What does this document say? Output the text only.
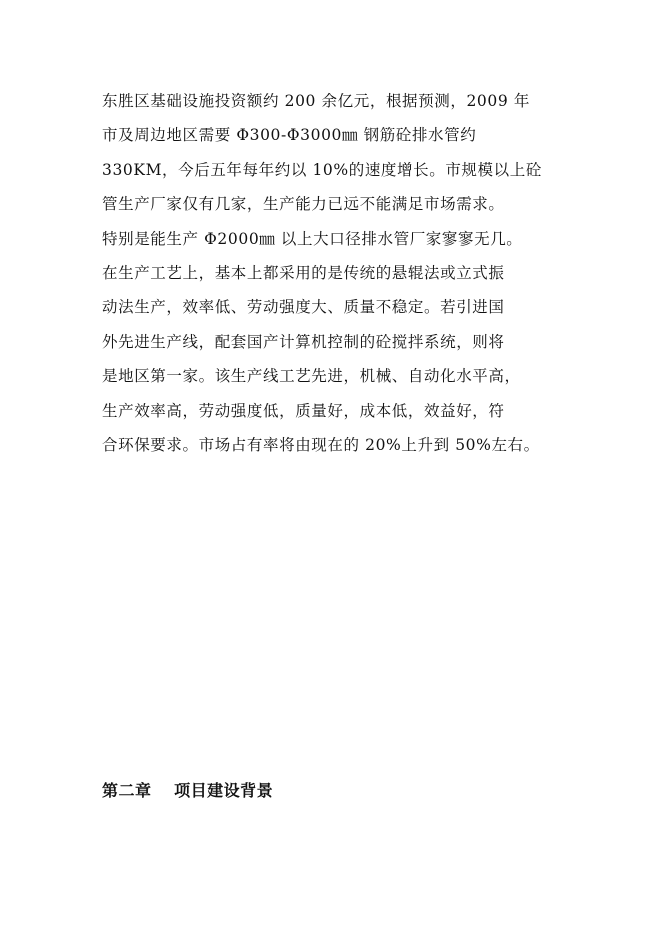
东胜区基础设施投资额约 200 余亿元，根据预测，2009 年
市及周边地区需要 Φ300-Φ3000㎜ 钢筋砼排水管约
330KM，今后五年每年约以 10%的速度增长。市规模以上砼
管生产厂家仅有几家，生产能力已远不能满足市场需求。
特别是能生产 Φ2000㎜ 以上大口径排水管厂家寥寥无几。
在生产工艺上，基本上都采用的是传统的悬辊法或立式振
动法生产，效率低、劳动强度大、质量不稳定。若引进国
外先进生产线，配套国产计算机控制的砼搅拌系统，则将
是地区第一家。该生产线工艺先进，机械、自动化水平高，
生产效率高，劳动强度低，质量好，成本低，效益好，符
合环保要求。市场占有率将由现在的 20%上升到 50%左右。
第二章　 项目建设背景
